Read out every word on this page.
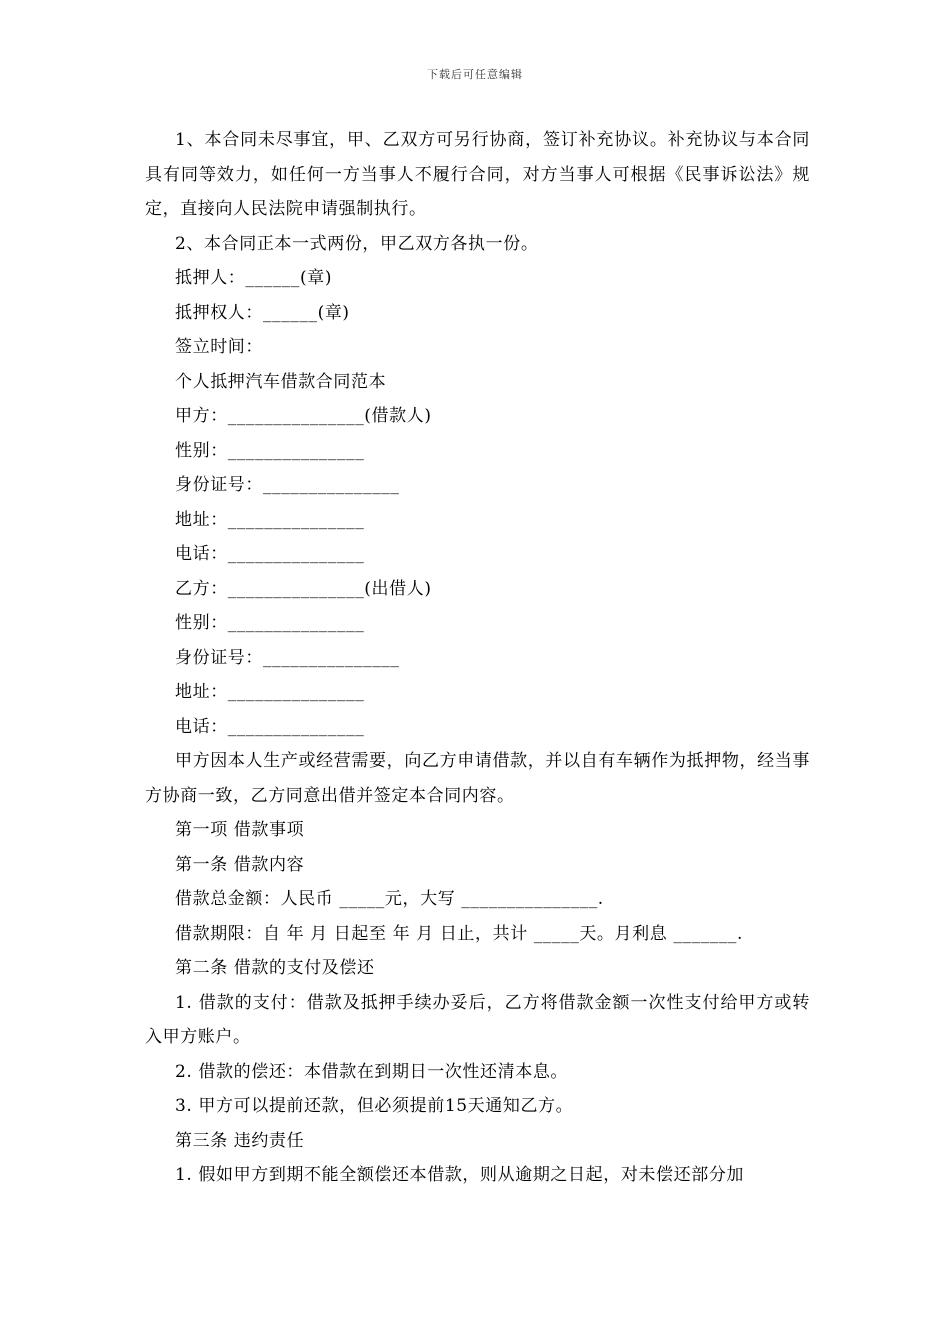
下载后可任意编辑

1、本合同未尽事宜，甲、乙双方可另行协商，签订补充协议。补充协议与本合同具有同等效力，如任何一方当事人不履行合同，对方当事人可根据《民事诉讼法》规定，直接向人民法院申请强制执行。

2、本合同正本一式两份，甲乙双方各执一份。

抵押人：______(章)

抵押权人：______(章)

签立时间：

个人抵押汽车借款合同范本

甲方：_______________(借款人)

性别：_______________

身份证号：_______________

地址：_______________

电话：_______________

乙方：_______________(出借人)

性别：_______________

身份证号：_______________

地址：_______________

电话：_______________

甲方因本人生产或经营需要，向乙方申请借款，并以自有车辆作为抵押物，经当事方协商一致，乙方同意出借并签定本合同内容。

第一项 借款事项

第一条 借款内容

借款总金额：人民币 _____元，大写 _______________.

借款期限：自 年 月 日起至 年 月 日止，共计 _____天。月利息 _______.

第二条 借款的支付及偿还

1. 借款的支付：借款及抵押手续办妥后，乙方将借款金额一次性支付给甲方或转入甲方账户。

2. 借款的偿还：本借款在到期日一次性还清本息。

3. 甲方可以提前还款，但必须提前15天通知乙方。

第三条 违约责任

1. 假如甲方到期不能全额偿还本借款，则从逾期之日起，对未偿还部分加
